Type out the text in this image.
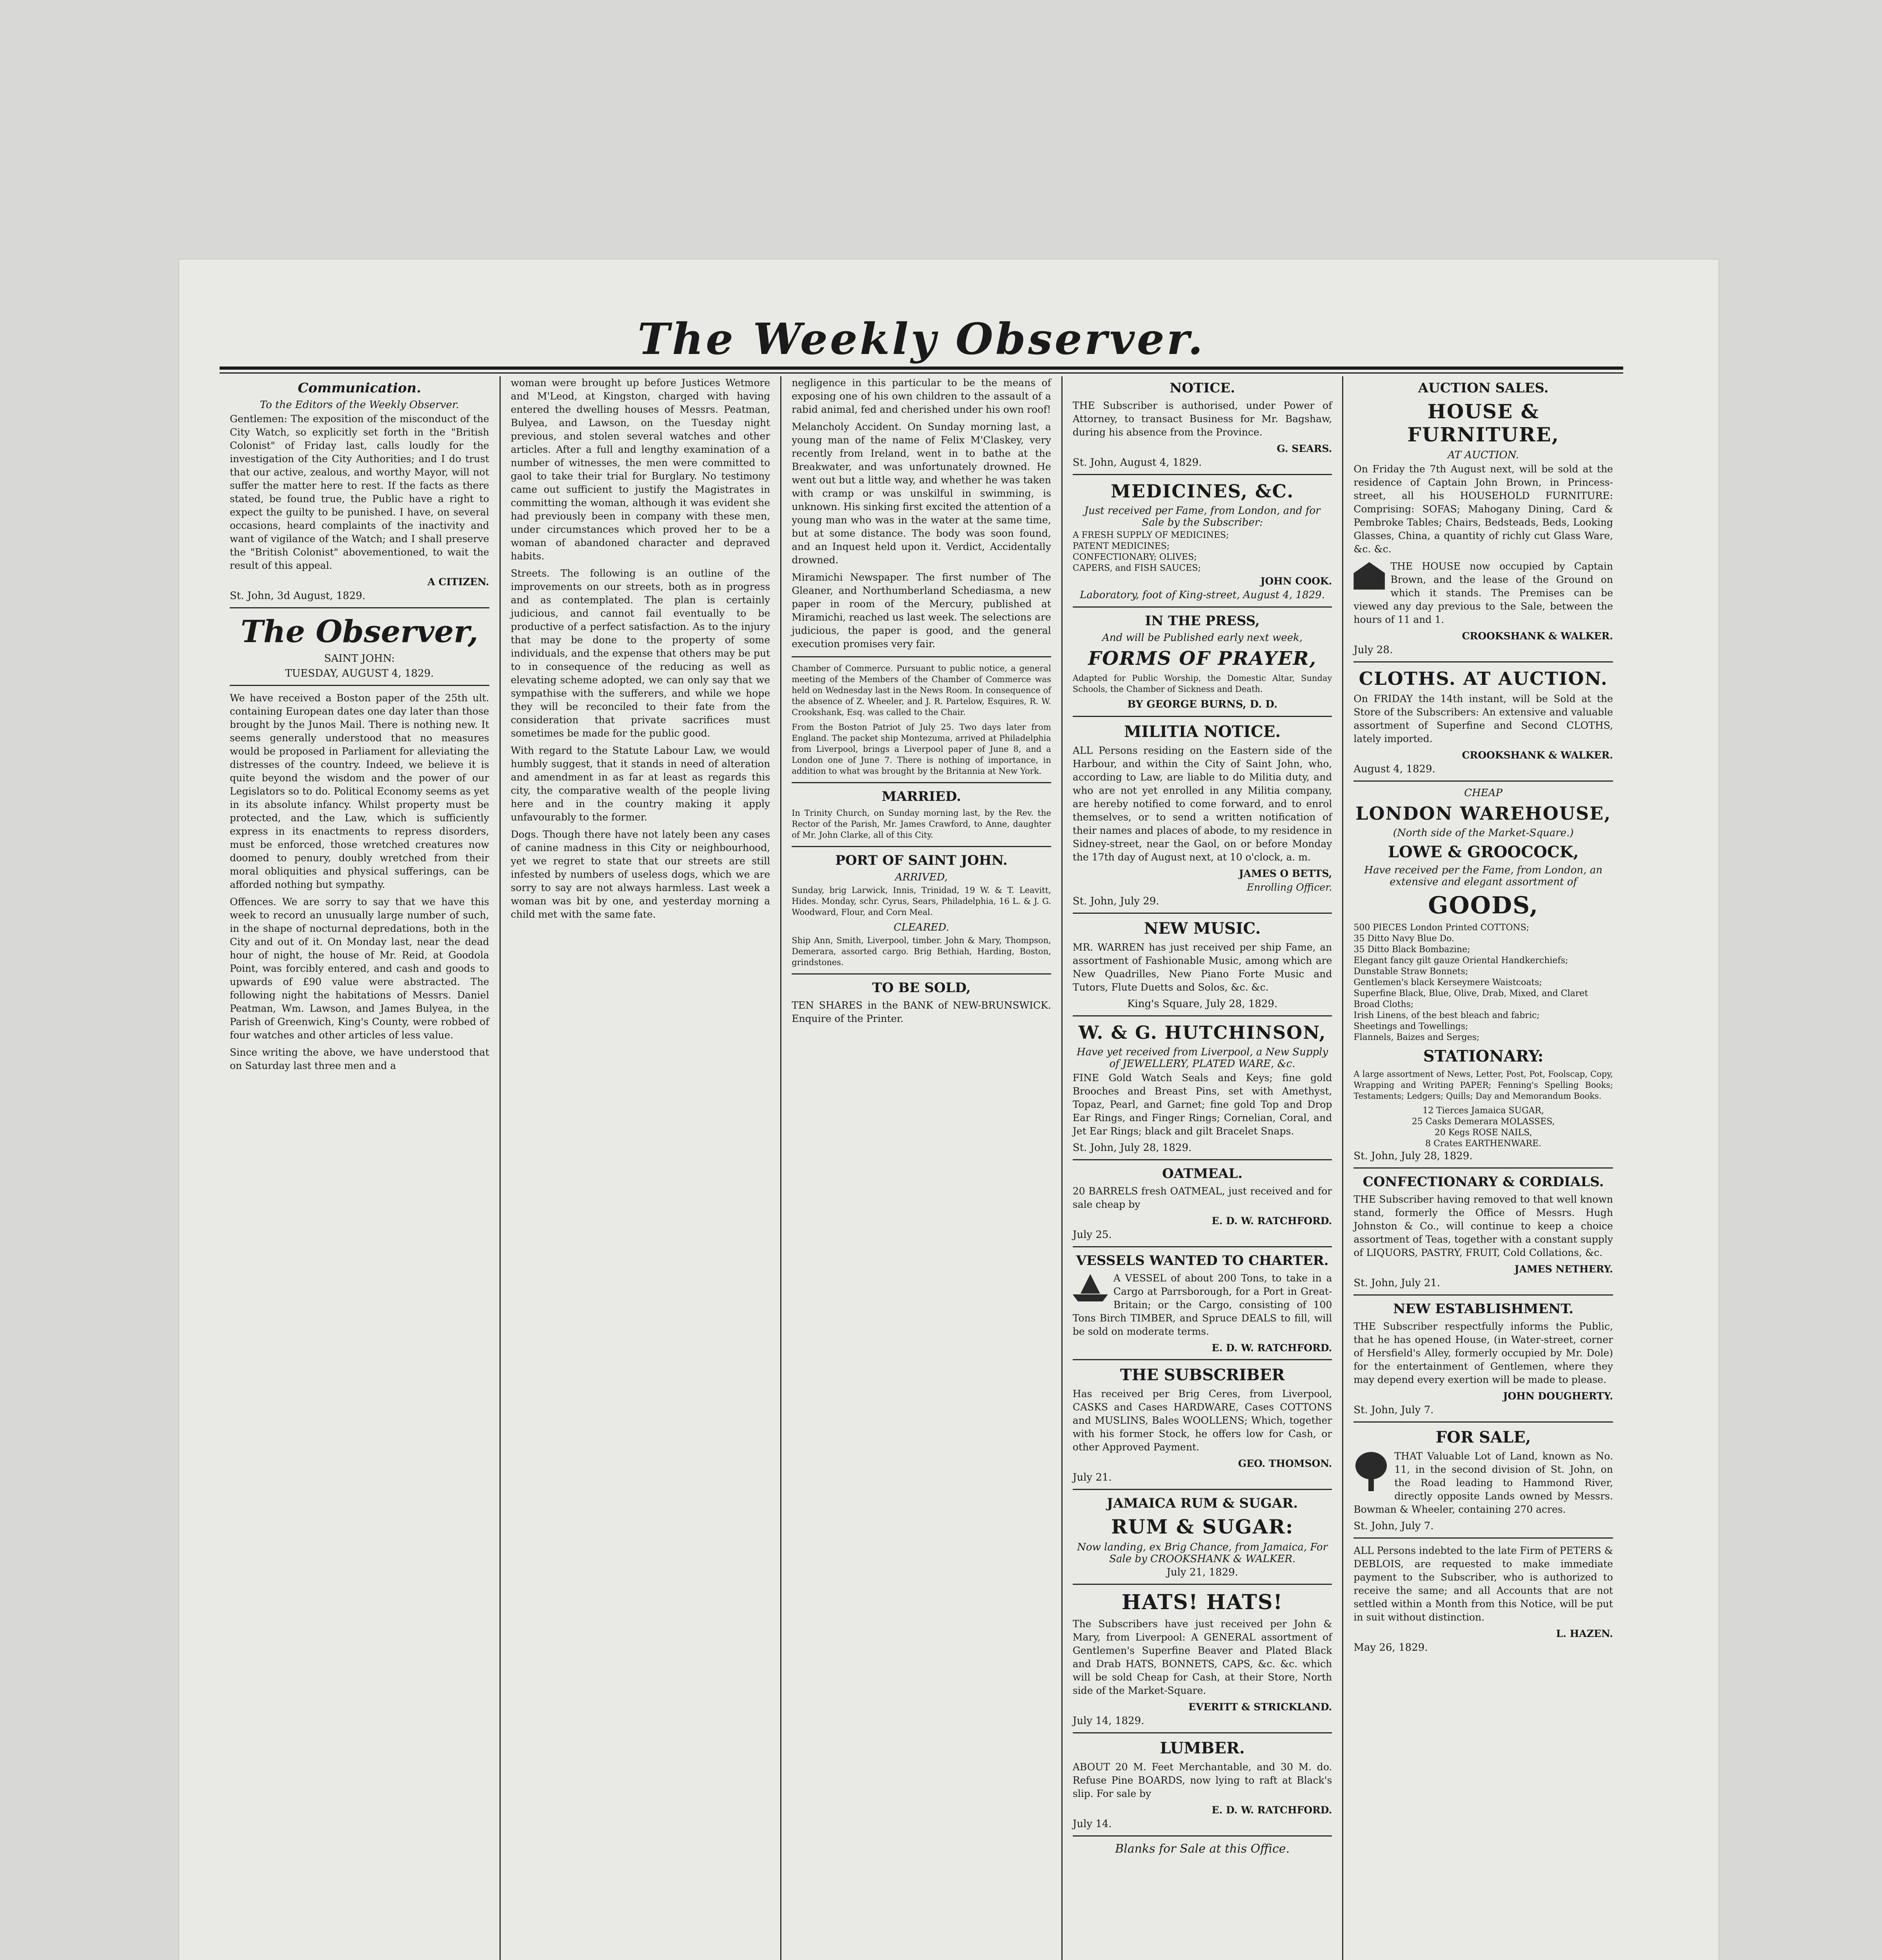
The Weekly Observer.
Communication.
To the Editors of the Weekly Observer.

Gentlemen: The exposition of the misconduct of the City Watch, so explicitly set forth in the "British Colonist" of Friday last, calls loudly for the investigation of the City Authorities; and I do trust that our active, zealous, and worthy Mayor, will not suffer the matter here to rest. If the facts as there stated, be found true, the Public have a right to expect the guilty to be punished. I have, on several occasions, heard complaints of the inactivity and want of vigilance of the Watch; and I shall preserve the "British Colonist" abovementioned, to wait the result of this appeal.

A CITIZEN.
St. John, 3d August, 1829.
The Observer,
SAINT JOHN:
TUESDAY, AUGUST 4, 1829.

We have received a Boston paper of the 25th ult. containing European dates one day later than those brought by the Junos Mail. There is nothing new. It seems generally understood that no measures would be proposed in Parliament for alleviating the distresses of the country. Indeed, we believe it is quite beyond the wisdom and the power of our Legislators so to do. Political Economy seems as yet in its absolute infancy. Whilst property must be protected, and the Law, which is sufficiently express in its enactments to repress disorders, must be enforced, those wretched creatures now doomed to penury, doubly wretched from their moral obliquities and physical sufferings, can be afforded nothing but sympathy.

Offences. We are sorry to say that we have this week to record an unusually large number of such, in the shape of nocturnal depredations, both in the City and out of it. On Monday last, near the dead hour of night, the house of Mr. Reid, at Goodola Point, was forcibly entered, and cash and goods to upwards of £90 value were abstracted. The following night the habitations of Messrs. Daniel Peatman, Wm. Lawson, and James Bulyea, in the Parish of Greenwich, King's County, were robbed of four watches and other articles of less value.

Since writing the above, we have understood that on Saturday last three men and a

woman were brought up before Justices Wetmore and M'Leod, at Kingston, charged with having entered the dwelling houses of Messrs. Peatman, Bulyea, and Lawson, on the Tuesday night previous, and stolen several watches and other articles. After a full and lengthy examination of a number of witnesses, the men were committed to gaol to take their trial for Burglary. No testimony came out sufficient to justify the Magistrates in committing the woman, although it was evident she had previously been in company with these men, under circumstances which proved her to be a woman of abandoned character and depraved habits.

Streets. The following is an outline of the improvements on our streets, both as in progress and as contemplated. The plan is certainly judicious, and cannot fail eventually to be productive of a perfect satisfaction. As to the injury that may be done to the property of some individuals, and the expense that others may be put to in consequence of the reducing as well as elevating scheme adopted, we can only say that we sympathise with the sufferers, and while we hope they will be reconciled to their fate from the consideration that private sacrifices must sometimes be made for the public good.

With regard to the Statute Labour Law, we would humbly suggest, that it stands in need of alteration and amendment in as far at least as regards this city, the comparative wealth of the people living here and in the country making it apply unfavourably to the former.

Dogs. Though there have not lately been any cases of canine madness in this City or neighbourhood, yet we regret to state that our streets are still infested by numbers of useless dogs, which we are sorry to say are not always harmless. Last week a woman was bit by one, and yesterday morning a child met with the same fate.

negligence in this particular to be the means of exposing one of his own children to the assault of a rabid animal, fed and cherished under his own roof!

Melancholy Accident. On Sunday morning last, a young man of the name of Felix M'Claskey, very recently from Ireland, went in to bathe at the Breakwater, and was unfortunately drowned. He went out but a little way, and whether he was taken with cramp or was unskilful in swimming, is unknown. His sinking first excited the attention of a young man who was in the water at the same time, but at some distance. The body was soon found, and an Inquest held upon it. Verdict, Accidentally drowned.

Miramichi Newspaper. The first number of The Gleaner, and Northumberland Schediasma, a new paper in room of the Mercury, published at Miramichi, reached us last week. The selections are judicious, the paper is good, and the general execution promises very fair.

Chamber of Commerce. Pursuant to public notice, a general meeting of the Members of the Chamber of Commerce was held on Wednesday last in the News Room. In consequence of the absence of Z. Wheeler, and J. R. Partelow, Esquires, R. W. Crookshank, Esq. was called to the Chair.

From the Boston Patriot of July 25. Two days later from England. The packet ship Montezuma, arrived at Philadelphia from Liverpool, brings a Liverpool paper of June 8, and a London one of June 7. There is nothing of importance, in addition to what was brought by the Britannia at New York.

MARRIED.

In Trinity Church, on Sunday morning last, by the Rev. the Rector of the Parish, Mr. James Crawford, to Anne, daughter of Mr. John Clarke, all of this City.

PORT OF SAINT JOHN.
ARRIVED,

Sunday, brig Larwick, Innis, Trinidad, 19 W. & T. Leavitt, Hides. Monday, schr. Cyrus, Sears, Philadelphia, 16 L. & J. G. Woodward, Flour, and Corn Meal.

CLEARED.

Ship Ann, Smith, Liverpool, timber. John & Mary, Thompson, Demerara, assorted cargo. Brig Bethiah, Harding, Boston, grindstones.

TO BE SOLD,

TEN SHARES in the BANK of NEW-BRUNSWICK. Enquire of the Printer.

NOTICE.

THE Subscriber is authorised, under Power of Attorney, to transact Business for Mr. Bagshaw, during his absence from the Province.

G. SEARS.
St. John, August 4, 1829.
MEDICINES, &C.
Just received per Fame, from London, and for Sale by the Subscriber:
A FRESH SUPPLY OF MEDICINES;
PATENT MEDICINES;
CONFECTIONARY; OLIVES;
CAPERS, and FISH SAUCES;
JOHN COOK.
Laboratory, foot of King-street, August 4, 1829.
IN THE PRESS,
And will be Published early next week,
FORMS OF PRAYER,

Adapted for Public Worship, the Domestic Altar, Sunday Schools, the Chamber of Sickness and Death.

BY GEORGE BURNS, D. D.
MILITIA NOTICE.

ALL Persons residing on the Eastern side of the Harbour, and within the City of Saint John, who, according to Law, are liable to do Militia duty, and who are not yet enrolled in any Militia company, are hereby notified to come forward, and to enrol themselves, or to send a written notification of their names and places of abode, to my residence in Sidney-street, near the Gaol, on or before Monday the 17th day of August next, at 10 o'clock, a. m.

JAMES O BETTS,
Enrolling Officer.
St. John, July 29.
NEW MUSIC.

MR. WARREN has just received per ship Fame, an assortment of Fashionable Music, among which are New Quadrilles, New Piano Forte Music and Tutors, Flute Duetts and Solos, &c. &c.

King's Square, July 28, 1829.
W. & G. HUTCHINSON,
Have yet received from Liverpool, a New Supply of JEWELLERY, PLATED WARE, &c.

FINE Gold Watch Seals and Keys; fine gold Brooches and Breast Pins, set with Amethyst, Topaz, Pearl, and Garnet; fine gold Top and Drop Ear Rings, and Finger Rings; Cornelian, Coral, and Jet Ear Rings; black and gilt Bracelet Snaps.

St. John, July 28, 1829.
OATMEAL.

20 BARRELS fresh OATMEAL, just received and for sale cheap by

E. D. W. RATCHFORD.
July 25.
VESSELS WANTED TO CHARTER.

A VESSEL of about 200 Tons, to take in a Cargo at Parrsborough, for a Port in Great-Britain; or the Cargo, consisting of 100 Tons Birch TIMBER, and Spruce DEALS to fill, will be sold on moderate terms.

E. D. W. RATCHFORD.
THE SUBSCRIBER

Has received per Brig Ceres, from Liverpool, CASKS and Cases HARDWARE, Cases COTTONS and MUSLINS, Bales WOOLLENS; Which, together with his former Stock, he offers low for Cash, or other Approved Payment.

GEO. THOMSON.
July 21.
JAMAICA RUM & SUGAR.
RUM & SUGAR:
Now landing, ex Brig Chance, from Jamaica, For Sale by CROOKSHANK & WALKER.
July 21, 1829.
HATS! HATS!

The Subscribers have just received per John & Mary, from Liverpool: A GENERAL assortment of Gentlemen's Superfine Beaver and Plated Black and Drab HATS, BONNETS, CAPS, &c. &c. which will be sold Cheap for Cash, at their Store, North side of the Market-Square.

EVERITT & STRICKLAND.
July 14, 1829.
LUMBER.

ABOUT 20 M. Feet Merchantable, and 30 M. do. Refuse Pine BOARDS, now lying to raft at Black's slip. For sale by

E. D. W. RATCHFORD.
July 14.
Blanks for Sale at this Office.
AUCTION SALES.
HOUSE & FURNITURE,
AT AUCTION.

On Friday the 7th August next, will be sold at the residence of Captain John Brown, in Princess-street, all his HOUSEHOLD FURNITURE: Comprising: SOFAS; Mahogany Dining, Card & Pembroke Tables; Chairs, Bedsteads, Beds, Looking Glasses, China, a quantity of richly cut Glass Ware, &c. &c.

THE HOUSE now occupied by Captain Brown, and the lease of the Ground on which it stands. The Premises can be viewed any day previous to the Sale, between the hours of 11 and 1.

CROOKSHANK & WALKER.
July 28.
CLOTHS. AT AUCTION.

On FRIDAY the 14th instant, will be Sold at the Store of the Subscribers: An extensive and valuable assortment of Superfine and Second CLOTHS, lately imported.

CROOKSHANK & WALKER.
August 4, 1829.
CHEAP
LONDON WAREHOUSE,
(North side of the Market-Square.)
LOWE & GROOCOCK,
Have received per the Fame, from London, an extensive and elegant assortment of
GOODS,
500 PIECES London Printed COTTONS;
35 Ditto Navy Blue Do.
35 Ditto Black Bombazine;
Elegant fancy gilt gauze Oriental Handkerchiefs;
Dunstable Straw Bonnets;
Gentlemen's black Kerseymere Waistcoats;
Superfine Black, Blue, Olive, Drab, Mixed, and Claret Broad Cloths;
Irish Linens, of the best bleach and fabric;
Sheetings and Towellings;
Flannels, Baizes and Serges;
STATIONARY:

A large assortment of News, Letter, Post, Pot, Foolscap, Copy, Wrapping and Writing PAPER; Fenning's Spelling Books; Testaments; Ledgers; Quills; Day and Memorandum Books.

12 Tierces Jamaica SUGAR,
25 Casks Demerara MOLASSES,
20 Kegs ROSE NAILS,
8 Crates EARTHENWARE.
St. John, July 28, 1829.
CONFECTIONARY & CORDIALS.

THE Subscriber having removed to that well known stand, formerly the Office of Messrs. Hugh Johnston & Co., will continue to keep a choice assortment of Teas, together with a constant supply of LIQUORS, PASTRY, FRUIT, Cold Collations, &c.

JAMES NETHERY.
St. John, July 21.
NEW ESTABLISHMENT.

THE Subscriber respectfully informs the Public, that he has opened House, (in Water-street, corner of Hersfield's Alley, formerly occupied by Mr. Dole) for the entertainment of Gentlemen, where they may depend every exertion will be made to please.

JOHN DOUGHERTY.
St. John, July 7.
FOR SALE,

THAT Valuable Lot of Land, known as No. 11, in the second division of St. John, on the Road leading to Hammond River, directly opposite Lands owned by Messrs. Bowman & Wheeler, containing 270 acres.

St. John, July 7.

ALL Persons indebted to the late Firm of PETERS & DEBLOIS, are requested to make immediate payment to the Subscriber, who is authorized to receive the same; and all Accounts that are not settled within a Month from this Notice, will be put in suit without distinction.

L. HAZEN.
May 26, 1829.
